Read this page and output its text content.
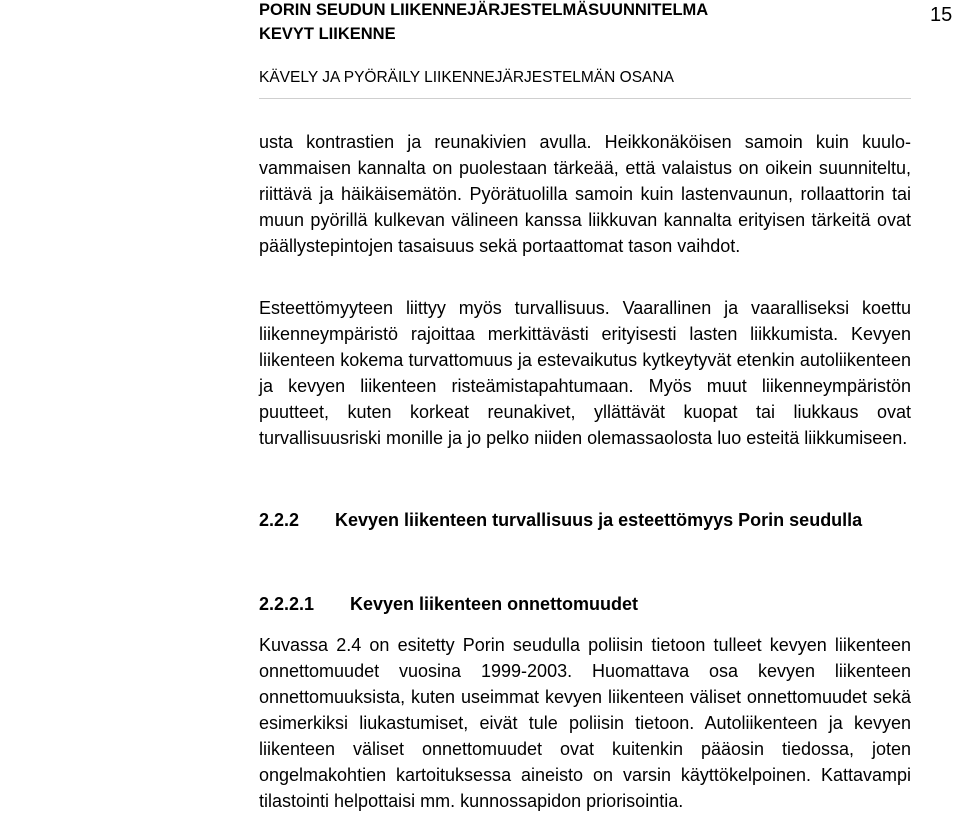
PORIN SEUDUN LIIKENNEJÄRJESTELMÄSUUNNITELMA
KEVYT LIIKENNE
KÄVELY JA PYÖRÄILY LIIKENNEJÄRJESTELMÄN OSANA
15

usta kontrastien ja reunakivien avulla. Heikkonäköisen samoin kuin kuulovammaisen kannalta on puolestaan tärkeää, että valaistus on oikein suunniteltu, riittävä ja häikäisemätön. Pyörätuolilla samoin kuin lastenvaunun, rollaattorin tai muun pyörillä kulkevan välineen kanssa liikkuvan kannalta erityisen tärkeitä ovat päällystepintojen tasaisuus sekä portaattomat tason vaihdot.

Esteettömyyteen liittyy myös turvallisuus. Vaarallinen ja vaaralliseksi koettu liikenneympäristö rajoittaa merkittävästi erityisesti lasten liikkumista. Kevyen liikenteen kokema turvattomuus ja estevaikutus kytkeytyvät etenkin autoliikenteen ja kevyen liikenteen risteämistapahtumaan. Myös muut liikenneympäristön puutteet, kuten korkeat reunakivet, yllättävät kuopat tai liukkaus ovat turvallisuusriski monille ja jo pelko niiden olemassaolosta luo esteitä liikkumiseen.

2.2.2 Kevyen liikenteen turvallisuus ja esteettömyys Porin seudulla
2.2.2.1 Kevyen liikenteen onnettomuudet

Kuvassa 2.4 on esitetty Porin seudulla poliisin tietoon tulleet kevyen liikenteen onnettomuudet vuosina 1999-2003. Huomattava osa kevyen liikenteen onnettomuuksista, kuten useimmat kevyen liikenteen väliset onnettomuudet sekä esimerkiksi liukastumiset, eivät tule poliisin tietoon. Autoliikenteen ja kevyen liikenteen väliset onnettomuudet ovat kuitenkin pääosin tiedossa, joten ongelmakohtien kartoituksessa aineisto on varsin käyttökelpoinen. Kattavampi tilastointi helpottaisi mm. kunnossapidon priorisointia.
